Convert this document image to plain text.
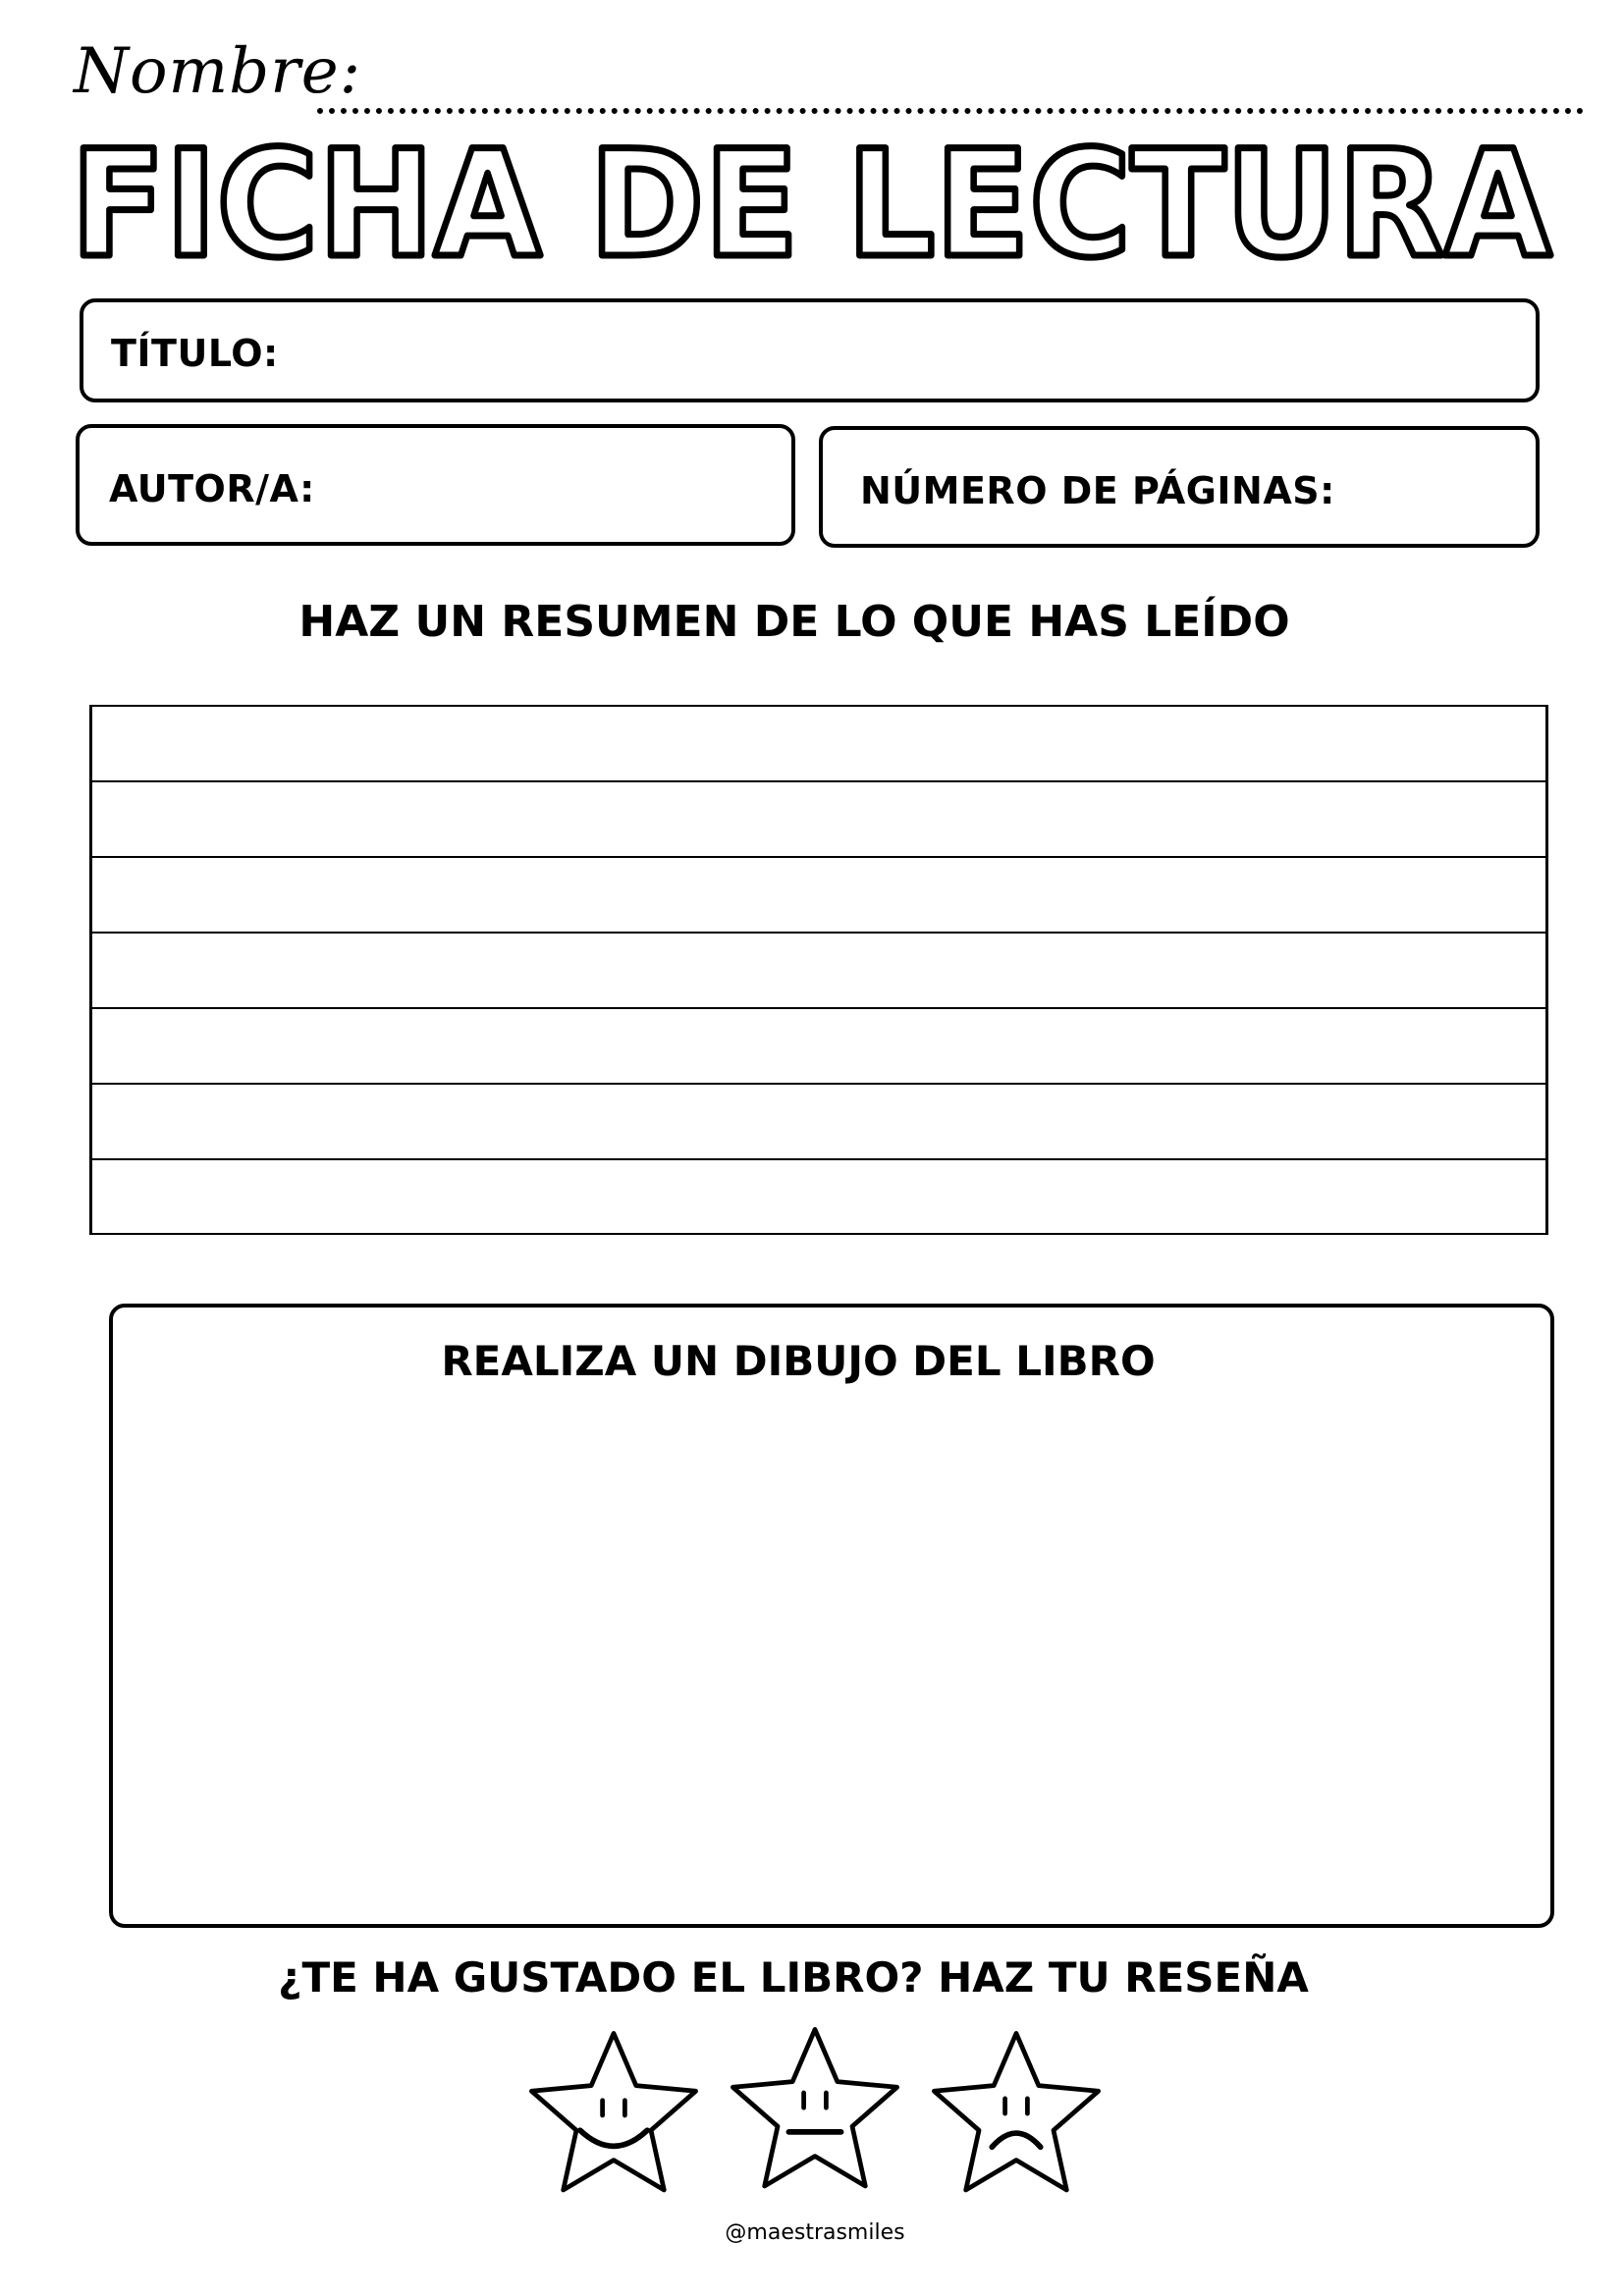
Nombre:
FICHA DE LECTURA
TÍTULO:
AUTOR/A:	NÚMERO DE PÁGINAS:
HAZ UN RESUMEN DE LO QUE HAS LEÍDO
REALIZA UN DIBUJO DEL LIBRO
¿TE HA GUSTADO EL LIBRO? HAZ TU RESEÑA
@maestrasmiles
